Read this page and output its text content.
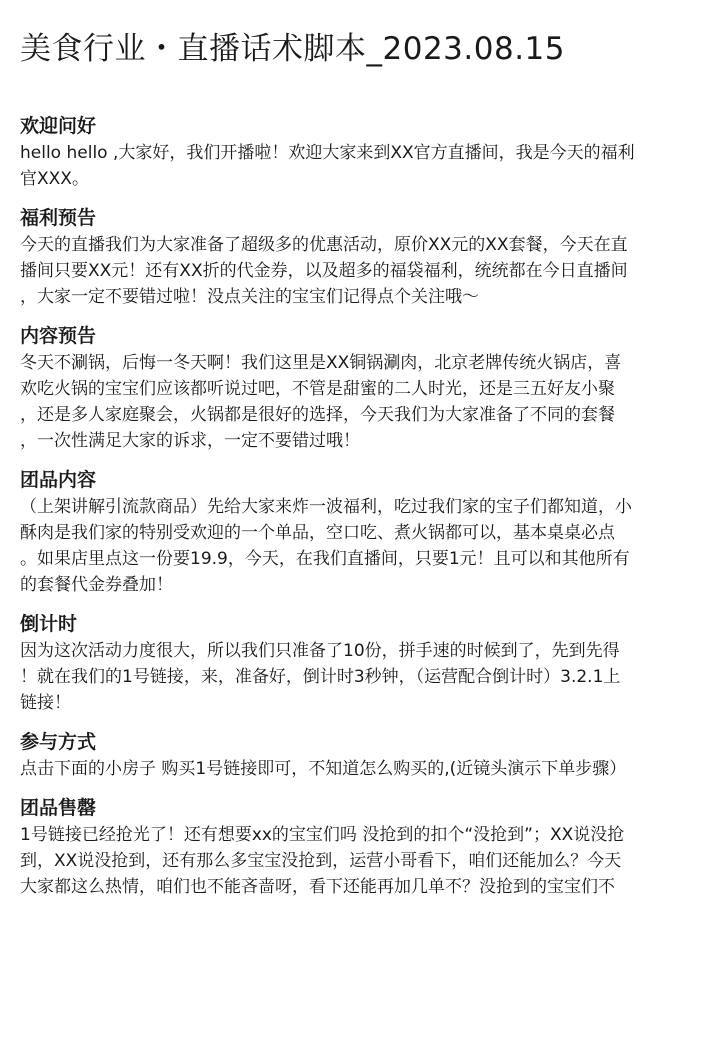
美食行业・直播话术脚本_2023.08.15
欢迎问好

hello hello ,大家好，我们开播啦！欢迎大家来到XX官方直播间，我是今天的福利
官XXX。

福利预告

今天的直播我们为大家准备了超级多的优惠活动，原价XX元的XX套餐，今天在直
播间只要XX元！还有XX折的代金券，以及超多的福袋福利，统统都在今日直播间
，大家一定不要错过啦！没点关注的宝宝们记得点个关注哦～

内容预告

冬天不涮锅，后悔一冬天啊！我们这里是XX铜锅涮肉，北京老牌传统火锅店，喜
欢吃火锅的宝宝们应该都听说过吧，不管是甜蜜的二人时光，还是三五好友小聚
，还是多人家庭聚会，火锅都是很好的选择，今天我们为大家准备了不同的套餐
，一次性满足大家的诉求，一定不要错过哦！

团品内容

（上架讲解引流款商品）先给大家来炸一波福利，吃过我们家的宝子们都知道，小
酥肉是我们家的特别受欢迎的一个单品，空口吃、煮火锅都可以，基本桌桌必点
。如果店里点这一份要19.9，今天，在我们直播间，只要1元！且可以和其他所有
的套餐代金券叠加！

倒计时

因为这次活动力度很大，所以我们只准备了10份，拼手速的时候到了，先到先得
！就在我们的1号链接，来，准备好，倒计时3秒钟，（运营配合倒计时）3.2.1上
链接！

参与方式

点击下面的小房子 购买1号链接即可，不知道怎么购买的,(近镜头演示下单步骤）

团品售罄

1号链接已经抢光了！还有想要xx的宝宝们吗 没抢到的扣个“没抢到”；XX说没抢
到，XX说没抢到，还有那么多宝宝没抢到，运营小哥看下，咱们还能加么？今天
大家都这么热情，咱们也不能吝啬呀，看下还能再加几单不？没抢到的宝宝们不
